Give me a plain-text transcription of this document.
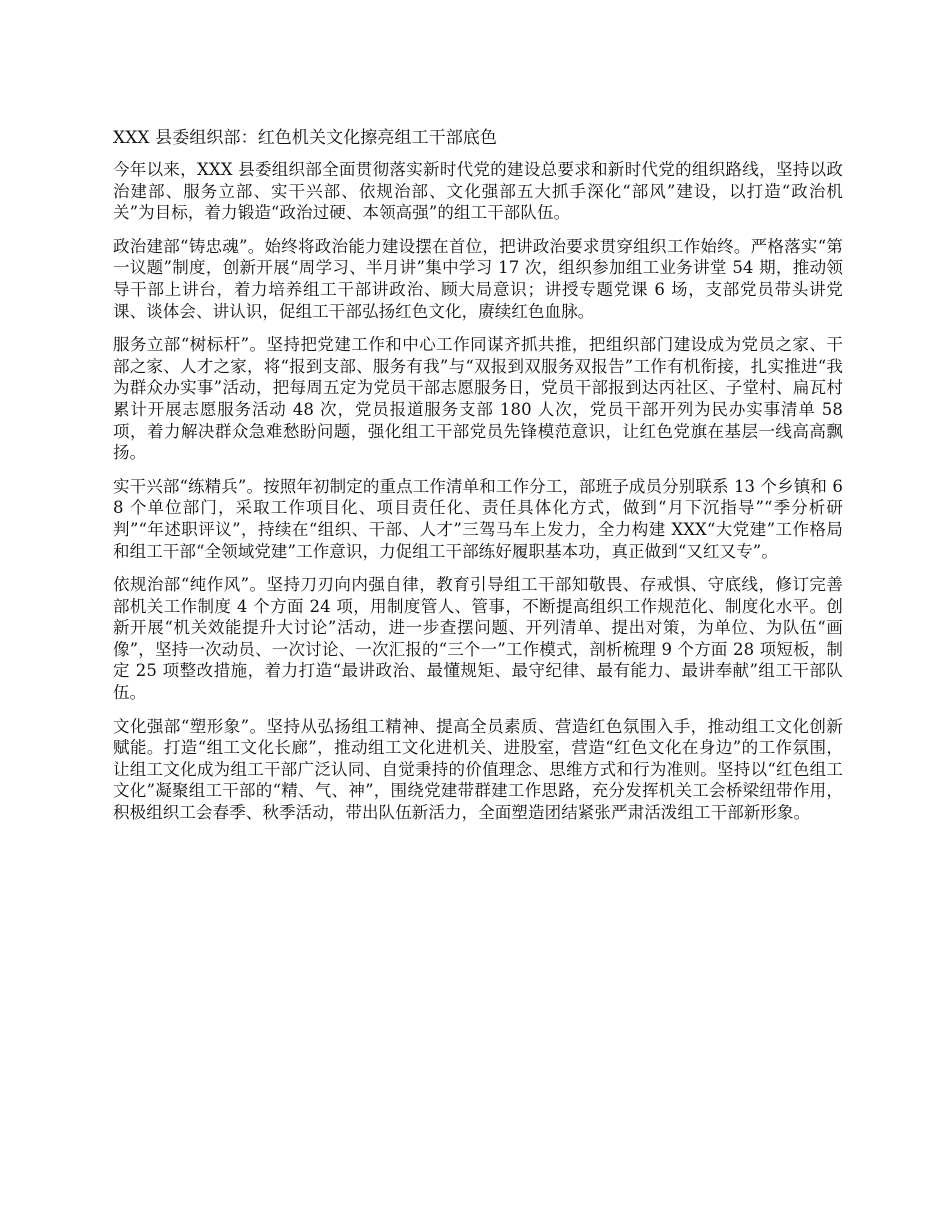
XXX 县委组织部：红色机关文化擦亮组工干部底色

今年以来，XXX 县委组织部全面贯彻落实新时代党的建设总要求和新时代党的组织路线，坚持以政治建部、服务立部、实干兴部、依规治部、文化强部五大抓手深化“部风”建设，以打造“政治机关”为目标，着力锻造“政治过硬、本领高强”的组工干部队伍。

政治建部“铸忠魂”。始终将政治能力建设摆在首位，把讲政治要求贯穿组织工作始终。严格落实“第一议题”制度，创新开展“周学习、半月讲”集中学习 17 次，组织参加组工业务讲堂 54 期，推动领导干部上讲台，着力培养组工干部讲政治、顾大局意识；讲授专题党课 6 场，支部党员带头讲党课、谈体会、讲认识，促组工干部弘扬红色文化，赓续红色血脉。

服务立部“树标杆”。坚持把党建工作和中心工作同谋齐抓共推，把组织部门建设成为党员之家、干部之家、人才之家，将“报到支部、服务有我”与“双报到双服务双报告”工作有机衔接，扎实推进“我为群众办实事”活动，把每周五定为党员干部志愿服务日，党员干部报到达丙社区、子堂村、扁瓦村累计开展志愿服务活动 48 次，党员报道服务支部 180 人次，党员干部开列为民办实事清单 58 项，着力解决群众急难愁盼问题，强化组工干部党员先锋模范意识，让红色党旗在基层一线高高飘扬。

实干兴部“练精兵”。按照年初制定的重点工作清单和工作分工，部班子成员分别联系 13 个乡镇和 68 个单位部门，采取工作项目化、项目责任化、责任具体化方式，做到“月下沉指导”“季分析研判”“年述职评议”，持续在“组织、干部、人才”三驾马车上发力，全力构建 XXX“大党建”工作格局和组工干部“全领域党建”工作意识，力促组工干部练好履职基本功，真正做到“又红又专”。

依规治部“纯作风”。坚持刀刃向内强自律，教育引导组工干部知敬畏、存戒惧、守底线，修订完善部机关工作制度 4 个方面 24 项，用制度管人、管事，不断提高组织工作规范化、制度化水平。创新开展“机关效能提升大讨论”活动，进一步查摆问题、开列清单、提出对策，为单位、为队伍“画像”，坚持一次动员、一次讨论、一次汇报的“三个一”工作模式，剖析梳理 9 个方面 28 项短板，制定 25 项整改措施，着力打造“最讲政治、最懂规矩、最守纪律、最有能力、最讲奉献”组工干部队伍。

文化强部“塑形象”。坚持从弘扬组工精神、提高全员素质、营造红色氛围入手，推动组工文化创新赋能。打造“组工文化长廊”，推动组工文化进机关、进股室，营造“红色文化在身边”的工作氛围，让组工文化成为组工干部广泛认同、自觉秉持的价值理念、思维方式和行为准则。坚持以“红色组工文化”凝聚组工干部的“精、气、神”，围绕党建带群建工作思路，充分发挥机关工会桥梁纽带作用，积极组织工会春季、秋季活动，带出队伍新活力，全面塑造团结紧张严肃活泼组工干部新形象。
